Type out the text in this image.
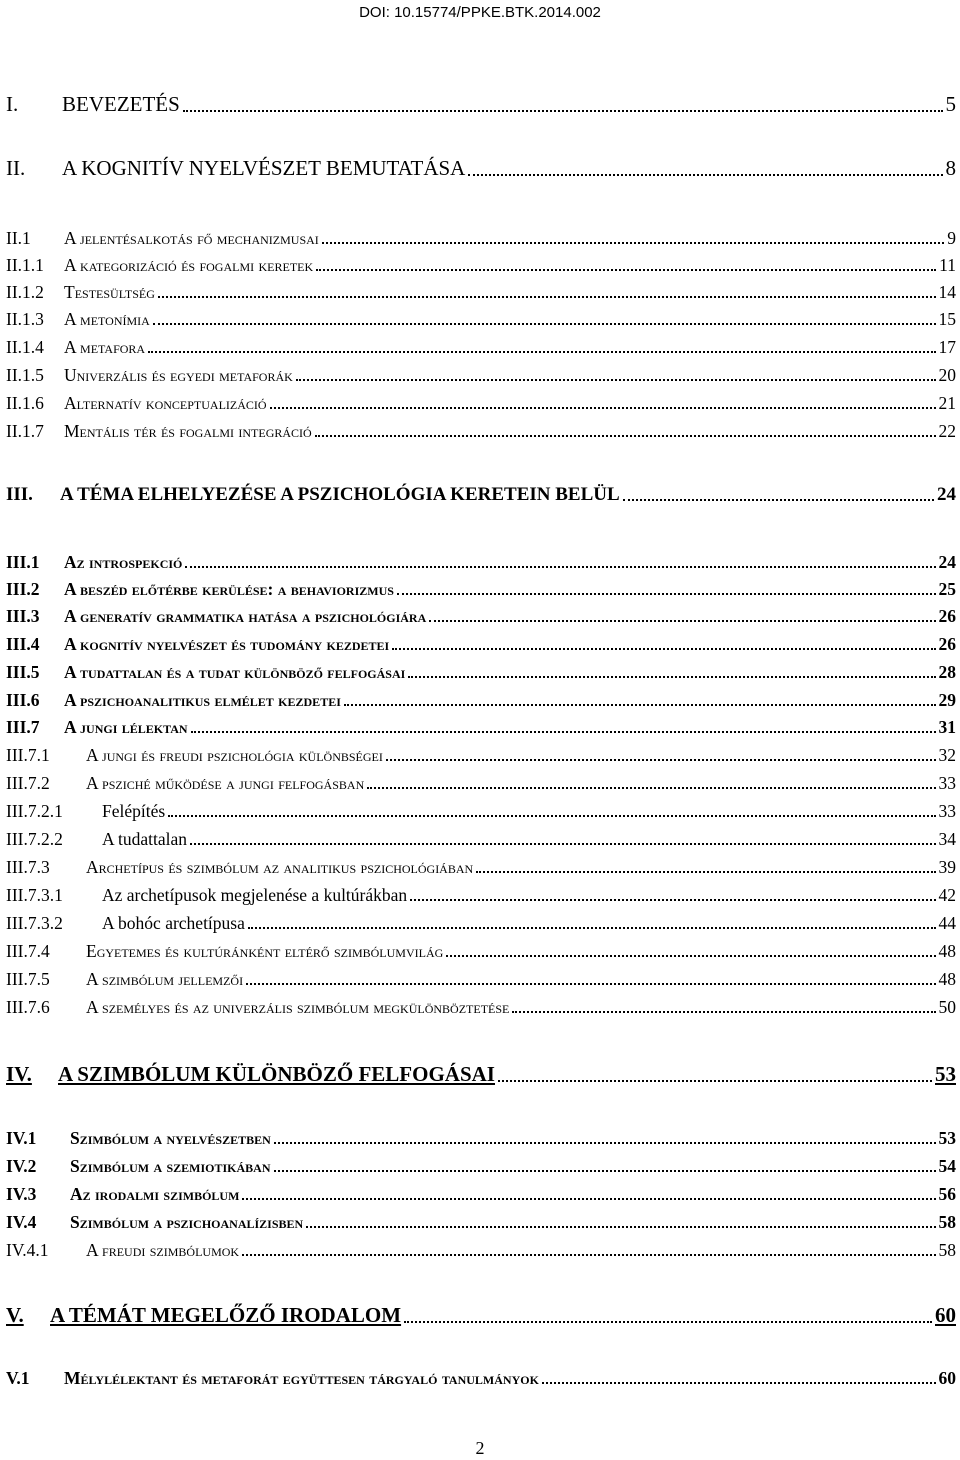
DOI: 10.15774/PPKE.BTK.2014.002
I.	BEVEZETÉS	5
II.	A KOGNITÍV NYELVÉSZET BEMUTATÁSA	8
II.1	A jelentésalkotás fő mechanizmusai	9
II.1.1	A kategorizáció és fogalmi keretek	11
II.1.2	Testesültség	14
II.1.3	A metonímia	15
II.1.4	A metafora	17
II.1.5	Univerzális és egyedi metaforák	20
II.1.6	Alternatív konceptualizáció	21
II.1.7	Mentális tér és fogalmi integráció	22
III.	A TÉMA ELHELYEZÉSE A PSZICHOLÓGIA KERETEIN BELÜL	24
III.1	Az introspekció	24
III.2	A beszéd előtérbe kerülése: a behaviorizmus	25
III.3	A generatív grammatika hatása a pszichológiára	26
III.4	A kognitív nyelvészet és tudomány kezdetei	26
III.5	A tudattalan és a tudat különböző felfogásai	28
III.6	A pszichoanalitikus elmélet kezdetei	29
III.7	A jungi lélektan	31
III.7.1	A jungi és freudi pszichológia különbségei	32
III.7.2	A psziché működése a jungi felfogásban	33
III.7.2.1	Felépítés	33
III.7.2.2	A tudattalan	34
III.7.3	Archetípus és szimbólum az analitikus pszichológiában	39
III.7.3.1	Az archetípusok megjelenése a kultúrákban	42
III.7.3.2	A bohóc archetípusa	44
III.7.4	Egyetemes és kultúránként eltérő szimbólumvilág	48
III.7.5	A szimbólum jellemzői	48
III.7.6	A személyes és az univerzális szimbólum megkülönböztetése	50
IV.	A SZIMBÓLUM KÜLÖNBÖZŐ FELFOGÁSAI	53
IV.1	Szimbólum a nyelvészetben	53
IV.2	Szimbólum a szemiotikában	54
IV.3	Az irodalmi szimbólum	56
IV.4	Szimbólum a pszichoanalízisben	58
IV.4.1	A freudi szimbólumok	58
V.	A TÉMÁT MEGELŐZŐ IRODALOM	60
V.1	Mélylélektant és metaforát együttesen tárgyaló tanulmányok	60
2
